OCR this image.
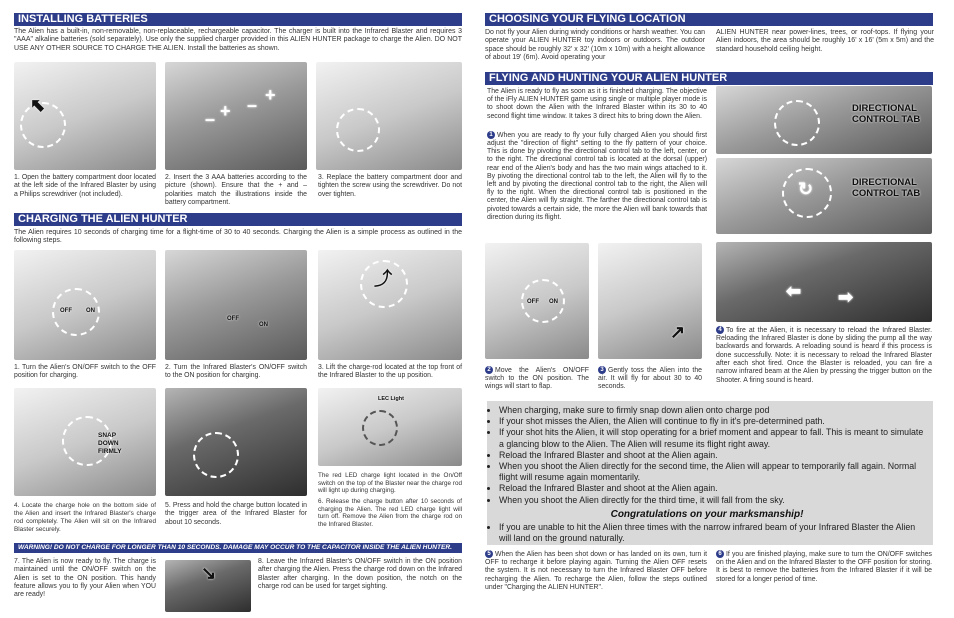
INSTALLING BATTERIES
The Alien has a built-in, non-removable, non-replaceable, rechargeable capacitor. The charger is built into the Infrared Blaster and requires 3 "AAA" alkaline batteries (sold separately). Use only the supplied charger provided in this ALIEN HUNTER package to charge the Alien. DO NOT USE ANY OTHER SOURCE TO CHARGE THE ALIEN. Install the batteries as shown.
⬉	+ – +
–
1. Open the battery compartment door located at the left side of the Infrared Blaster by using a Philips screwdriver (not included).
2. Insert the 3 AAA batteries according to the picture (shown). Ensure that the + and – polarities match the illustrations inside the battery compartment.
3. Replace the battery compartment door and tighten the screw using the screwdriver. Do not over tighten.
CHARGING THE ALIEN HUNTER
The Alien requires 10 seconds of charging time for a flight-time of 30 to 40 seconds. Charging the Alien is a simple process as outlined in the following steps.
OFF ON
OFF
ON
⤴
1. Turn the Alien's ON/OFF switch to the OFF position for charging.
2. Turn the Infrared Blaster's ON/OFF switch to the ON position for charging.
3. Lift the charge-rod located at the top front of the Infrared Blaster to the up position.
SNAP
DOWN
FIRMLY
LEC Light
The red LED charge light located in the On/Off switch on the top of the Blaster near the charge rod will light up during charging.
6. Release the charge button after 10 seconds of charging the Alien. The red LED charge light will turn off. Remove the Alien from the charge rod on the Infrared Blaster.
4. Locate the charge hole on the bottom side of the Alien and insert the Infrared Blaster's charge rod completely. The Alien will sit on the Infrared Blaster securely.
5. Press and hold the charge button located in the trigger area of the Infrared Blaster for about 10 seconds.
WARNING! DO NOT CHARGE FOR LONGER THAN 10 SECONDS. DAMAGE MAY OCCUR TO THE CAPACITOR INSIDE THE ALIEN HUNTER.
7. The Alien is now ready to fly. The charge is maintained until the ON/OFF switch on the Alien is set to the ON position. This handy feature allows you to fly your Alien when YOU are ready!
↘
8. Leave the Infrared Blaster's ON/OFF switch in the ON position after charging the Alien. Press the charge rod down on the Infrared Blaster after charging. In the down position, the notch on the charge rod can be used for target sighting.
CHOOSING YOUR FLYING LOCATION
Do not fly your Alien during windy conditions or harsh weather. You can operate your ALIEN HUNTER toy indoors or outdoors. The outdoor space should be roughly 32' x 32' (10m x 10m) with a height allowance of about 19' (6m). Avoid operating your
ALIEN HUNTER near power-lines, trees, or roof-tops. If flying your Alien indoors, the area should be roughly 16' x 16' (5m x 5m) and the standard household ceiling height.
FLYING AND HUNTING YOUR ALIEN HUNTER
The Alien is ready to fly as soon as it is finished charging. The objective of the iFly ALIEN HUNTER game using single or multiple player mode is to shoot down the Alien with the Infrared Blaster within its 30 to 40 second flight time window. It takes 3 direct hits to bring down the Alien.
1 When you are ready to fly your fully charged Alien you should first adjust the "direction of flight" setting to the fly pattern of your choice. This is done by pivoting the directional control tab to the left, center, or to the right. The directional control tab is located at the dorsal (upper) rear end of the Alien's body and has the two main wings attached to it. By pivoting the directional control tab to the left, the Alien will fly to the left and by pivoting the directional control tab to the right, the Alien will fly to the right. When the directional control tab is positioned in the center, the Alien will fly straight. The farther the directional control tab is pivoted towards a certain side, the more the Alien will bank towards that direction during its flight.
DIRECTIONAL
CONTROL TAB
↻	DIRECTIONAL
CONTROL TAB
OFF ON
↗
⬅ ➡
2 Move the Alien's ON/OFF switch to the ON position. The wings will start to flap.
3 Gently toss the Alien into the air. It will fly for about 30 to 40 seconds.
4 To fire at the Alien, it is necessary to reload the Infrared Blaster. Reloading the Infrared Blaster is done by sliding the pump all the way backwards and forwards. A reloading sound is heard if this process is done successfully. Note: it is necessary to reload the Infrared Blaster after each shot fired. Once the Blaster is reloaded, you can fire a narrow infrared beam at the Alien by pressing the trigger button on the Shooter. A firing sound is heard.
• When charging, make sure to firmly snap down alien onto charge pod
• If your shot misses the Alien, the Alien will continue to fly in it's pre-determined path.
• If your shot hits the Alien, it will stop operating for a brief moment and appear to fall. This is meant to simulate a glancing blow to the Alien. The Alien will resume its flight right away.
• Reload the Infrared Blaster and shoot at the Alien again.
• When you shoot the Alien directly for the second time, the Alien will appear to temporarily fall again. Normal flight will resume again momentarily.
• Reload the Infrared Blaster and shoot at the Alien again.
• When you shoot the Alien directly for the third time, it will fall from the sky.
Congratulations on your marksmanship!
• If you are unable to hit the Alien three times with the narrow infrared beam of your Infrared Blaster the Alien will land on the ground naturally.
5 When the Alien has been shot down or has landed on its own, turn it OFF to recharge it before playing again. Turning the Alien OFF resets the system. It is not necessary to turn the Infrared Blaster OFF before recharging the Alien. To recharge the Alien, follow the steps outlined under "Charging the ALIEN HUNTER".
6 If you are finished playing, make sure to turn the ON/OFF switches on the Alien and on the Infrared Blaster to the OFF position for storing. It is best to remove the batteries from the Infrared Blaster if it will be stored for a longer period of time.
